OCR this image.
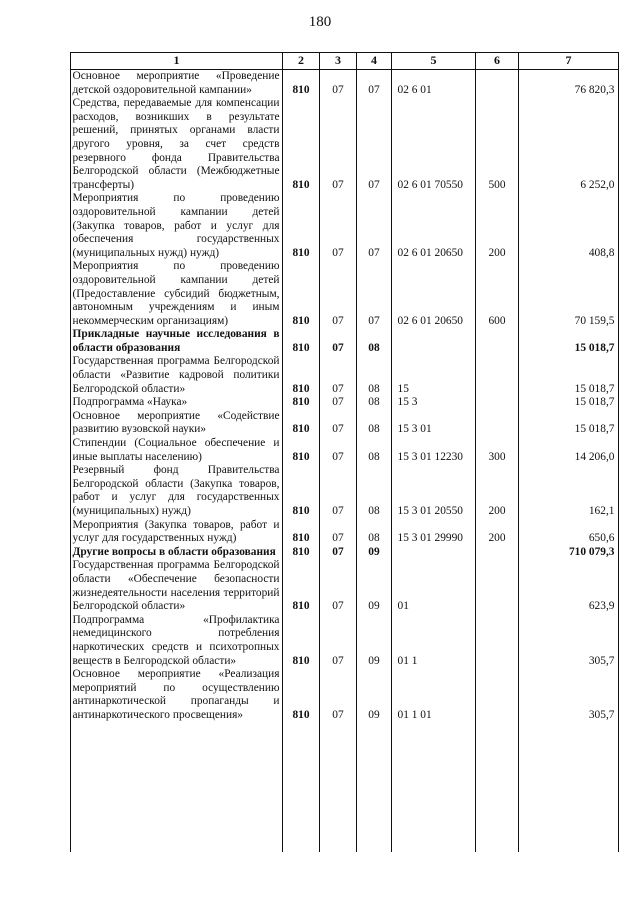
180
1	2	3	4	5	6	7
Основное мероприятие «Проведение детской оздоровительной кампании»	810	07	07	02 6 01		76 820,3
Средства, передаваемые для компенсации расходов, возникших в результате решений, принятых органами власти другого уровня, за счет средств резервного фонда Правительства Белгородской области (Межбюджетные трансферты)	810	07	07	02 6 01 70550	500	6 252,0
Мероприятия по проведению оздоровительной кампании детей (Закупка товаров, работ и услуг для обеспечения государственных (муниципальных нужд) нужд)	810	07	07	02 6 01 20650	200	408,8
Мероприятия по проведению оздоровительной кампании детей (Предоставление субсидий бюджетным, автономным учреждениям и иным некоммерческим организациям)	810	07	07	02 6 01 20650	600	70 159,5
Прикладные научные исследования в области образования	810	07	08			15 018,7
Государственная программа Белгородской области «Развитие кадровой политики Белгородской области»	810	07	08	15		15 018,7
Подпрограмма «Наука»	810	07	08	15 3		15 018,7
Основное мероприятие «Содействие развитию вузовской науки»	810	07	08	15 3 01		15 018,7
Стипендии (Социальное обеспечение и иные выплаты населению)	810	07	08	15 3 01 12230	300	14 206,0
Резервный фонд Правительства Белгородской области (Закупка товаров, работ и услуг для государственных (муниципальных) нужд)	810	07	08	15 3 01 20550	200	162,1
Мероприятия (Закупка товаров, работ и услуг для государственных нужд)	810	07	08	15 3 01 29990	200	650,6
Другие вопросы в области образования	810	07	09			710 079,3
Государственная программа Белгородской области «Обеспечение безопасности жизнедеятельности населения территорий Белгородской области»	810	07	09	01		623,9
Подпрограмма «Профилактика немедицинского потребления наркотических средств и психотропных веществ в Белгородской области»	810	07	09	01 1		305,7
Основное мероприятие «Реализация мероприятий по осуществлению антинаркотической пропаганды и антинаркотического просвещения»	810	07	09	01 1 01		305,7
